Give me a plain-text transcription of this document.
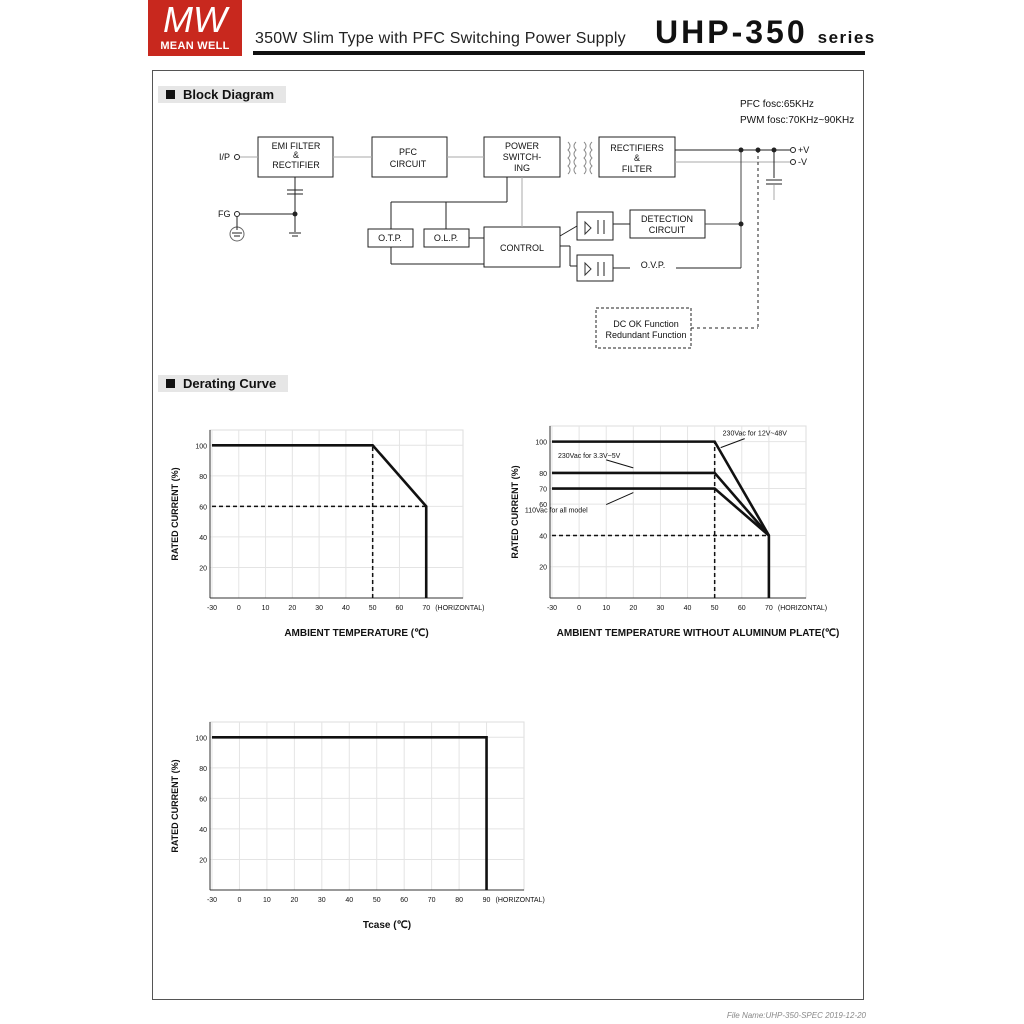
MW
MEAN WELL	350W Slim Type with PFC Switching Power Supply UHP-350 series
Block Diagram
Derating Curve
EMI FILTER
&
RECTIFIER
PFC
CIRCUIT
POWER
SWITCH-
ING
RECTIFIERS
&
FILTER
O.T.P.	O.L.P.
CONTROL
DETECTION
CIRCUIT
O.V.P.
DC OK Function
Redundant Function
I/P
FG
+V
-V
PFC fosc:65KHz
PWM fosc:70KHz~90KHz
-30	0	10	20	30	40	50	60	70 (HORIZONTAL)
20
40
60
80
100
RATED CURRENT (%)
AMBIENT TEMPERATURE (℃)
-30	0	10	20	30	40	50	60	70 (HORIZONTAL)
20
40
60
70
80
100
RATED CURRENT (%)
AMBIENT TEMPERATURE WITHOUT ALUMINUM PLATE(℃)
230Vac for 12V~48V
230Vac for 3.3V~5V
110Vac for all model
-30	0	10	20	30	40	50	60	70	80	90 (HORIZONTAL)
20
40
60
80
100
RATED CURRENT (%)
Tcase (℃)
File Name:UHP-350-SPEC 2019-12-20
